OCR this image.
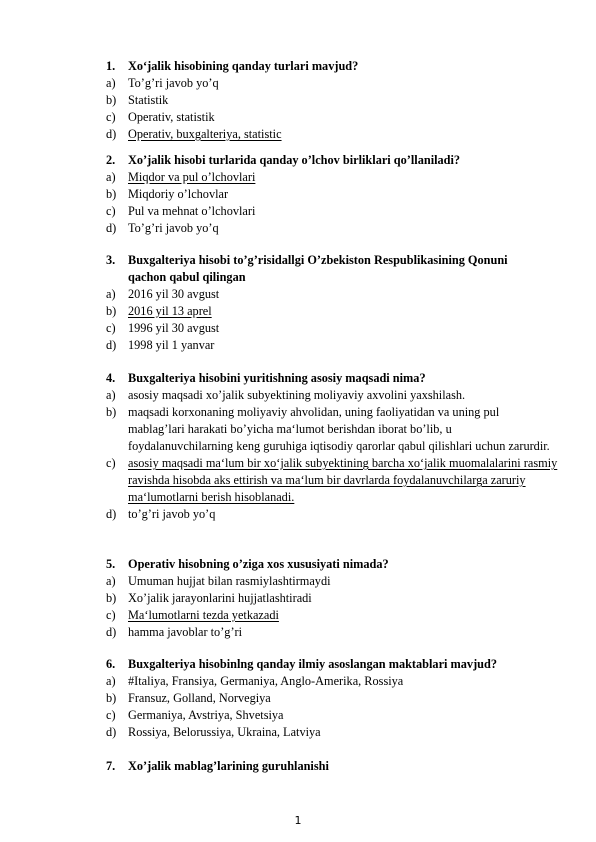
1.	Xo‘jalik hisobining qanday turlari mavjud?
a)	To’g’ri javob yo’q
b) Statistik
c)	Operativ, statistik
d) Operativ, buxgalteriya, statistic
2.	Xo’jalik hisobi turlarida qanday o’lchov birliklari qo’llaniladi?
a)	Miqdor va pul o’lchovlari
b) Miqdoriy o’lchovlar
c)	Pul va mehnat o’lchovlari
d) To’g’ri javob yo’q
3.	Buxgalteriya hisobi to’g’risidallgi O’zbekiston Respublikasining Qonuni qachon qabul qilingan
a)	2016 yil 30 avgust
b) 2016 yil 13 aprel
c)	1996 yil 30 avgust
d) 1998 yil 1 yanvar
4.	Buxgalteriya hisobini yuritishning asosiy maqsadi nima?
a)	asosiy maqsadi xo’jalik subyektining moliyaviy axvolini yaxshilash.
b) maqsadi korxonaning moliyaviy ahvolidan, uning faoliyatidan va uning pul mablag’lari harakati bo’yicha ma‘lumot berishdan iborat bo’lib, u foydalanuvchilarning keng guruhiga iqtisodiy qarorlar qabul qilishlari uchun zarurdir.
c)	asosiy maqsadi ma‘lum bir xo‘jalik subyektining barcha xo‘jalik muomalalarini rasmiy ravishda hisobda aks ettirish va ma‘lum bir davrlarda foydalanuvchilarga zaruriy ma‘lumotlarni berish hisoblanadi.
d) to’g’ri javob yo’q
5.	Operativ hisobning o’ziga xos xususiyati nimada?
a)	Umuman hujjat bilan rasmiylashtirmaydi
b) Xo’jalik jarayonlarini hujjatlashtiradi
c)	Ma‘lumotlarni tezda yetkazadi
d) hamma javoblar to’g’ri
6.	Buxgalteriya hisobinlng qanday ilmiy asoslangan maktablari mavjud?
a)	#Italiya, Fransiya, Germaniya, Anglo-Amerika, Rossiya
b) Fransuz, Golland, Norvegiya
c)	Germaniya, Avstriya, Shvetsiya
d) Rossiya, Belorussiya, Ukraina, Latviya
7.	Xo’jalik mablag’larining guruhlanishi
1
